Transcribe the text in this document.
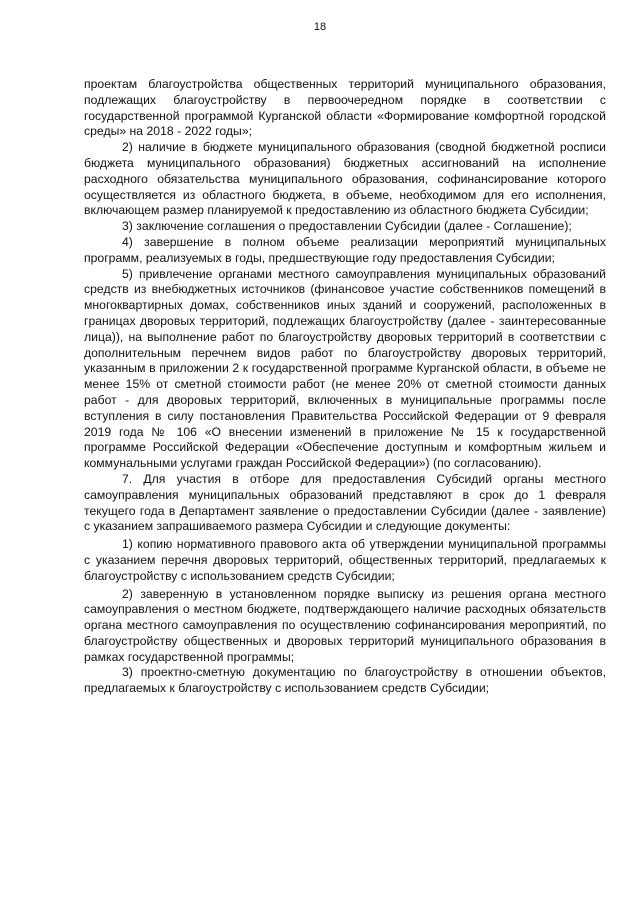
18

проектам благоустройства общественных территорий муниципального образования, подлежащих благоустройству в первоочередном порядке в соответствии с государственной программой Курганской области «Формирование комфортной городской среды» на 2018 - 2022 годы»;

2) наличие в бюджете муниципального образования (сводной бюджетной росписи бюджета муниципального образования) бюджетных ассигнований на исполнение расходного обязательства муниципального образования, софинансирование которого осуществляется из областного бюджета, в объеме, необходимом для его исполнения, включающем размер планируемой к предоставлению из областного бюджета Субсидии;

3) заключение соглашения о предоставлении Субсидии (далее - Соглашение);

4) завершение в полном объеме реализации мероприятий муниципальных программ, реализуемых в годы, предшествующие году предоставления Субсидии;

5) привлечение органами местного самоуправления муниципальных образований средств из внебюджетных источников (финансовое участие собственников помещений в многоквартирных домах, собственников иных зданий и сооружений, расположенных в границах дворовых территорий, подлежащих благоустройству (далее - заинтересованные лица)), на выполнение работ по благоустройству дворовых территорий в соответствии с дополнительным перечнем видов работ по благоустройству дворовых территорий, указанным в приложении 2 к государственной программе Курганской области, в объеме не менее 15% от сметной стоимости работ (не менее 20% от сметной стоимости данных работ - для дворовых территорий, включенных в муниципальные программы после вступления в силу постановления Правительства Российской Федерации от 9 февраля 2019 года № 106 «О внесении изменений в приложение № 15 к государственной программе Российской Федерации «Обеспечение доступным и комфортным жильем и коммунальными услугами граждан Российской Федерации») (по согласованию).

7. Для участия в отборе для предоставления Субсидий органы местного самоуправления муниципальных образований представляют в срок до 1 февраля текущего года в Департамент заявление о предоставлении Субсидии (далее - заявление) с указанием запрашиваемого размера Субсидии и следующие документы:

1) копию нормативного правового акта об утверждении муниципальной программы с указанием перечня дворовых территорий, общественных территорий, предлагаемых к благоустройству с использованием средств Субсидии;

2) заверенную в установленном порядке выписку из решения органа местного самоуправления о местном бюджете, подтверждающего наличие расходных обязательств органа местного самоуправления по осуществлению софинансирования мероприятий, по благоустройству общественных и дворовых территорий муниципального образования в рамках государственной программы;

3) проектно-сметную документацию по благоустройству в отношении объектов, предлагаемых к благоустройству с использованием средств Субсидии;
